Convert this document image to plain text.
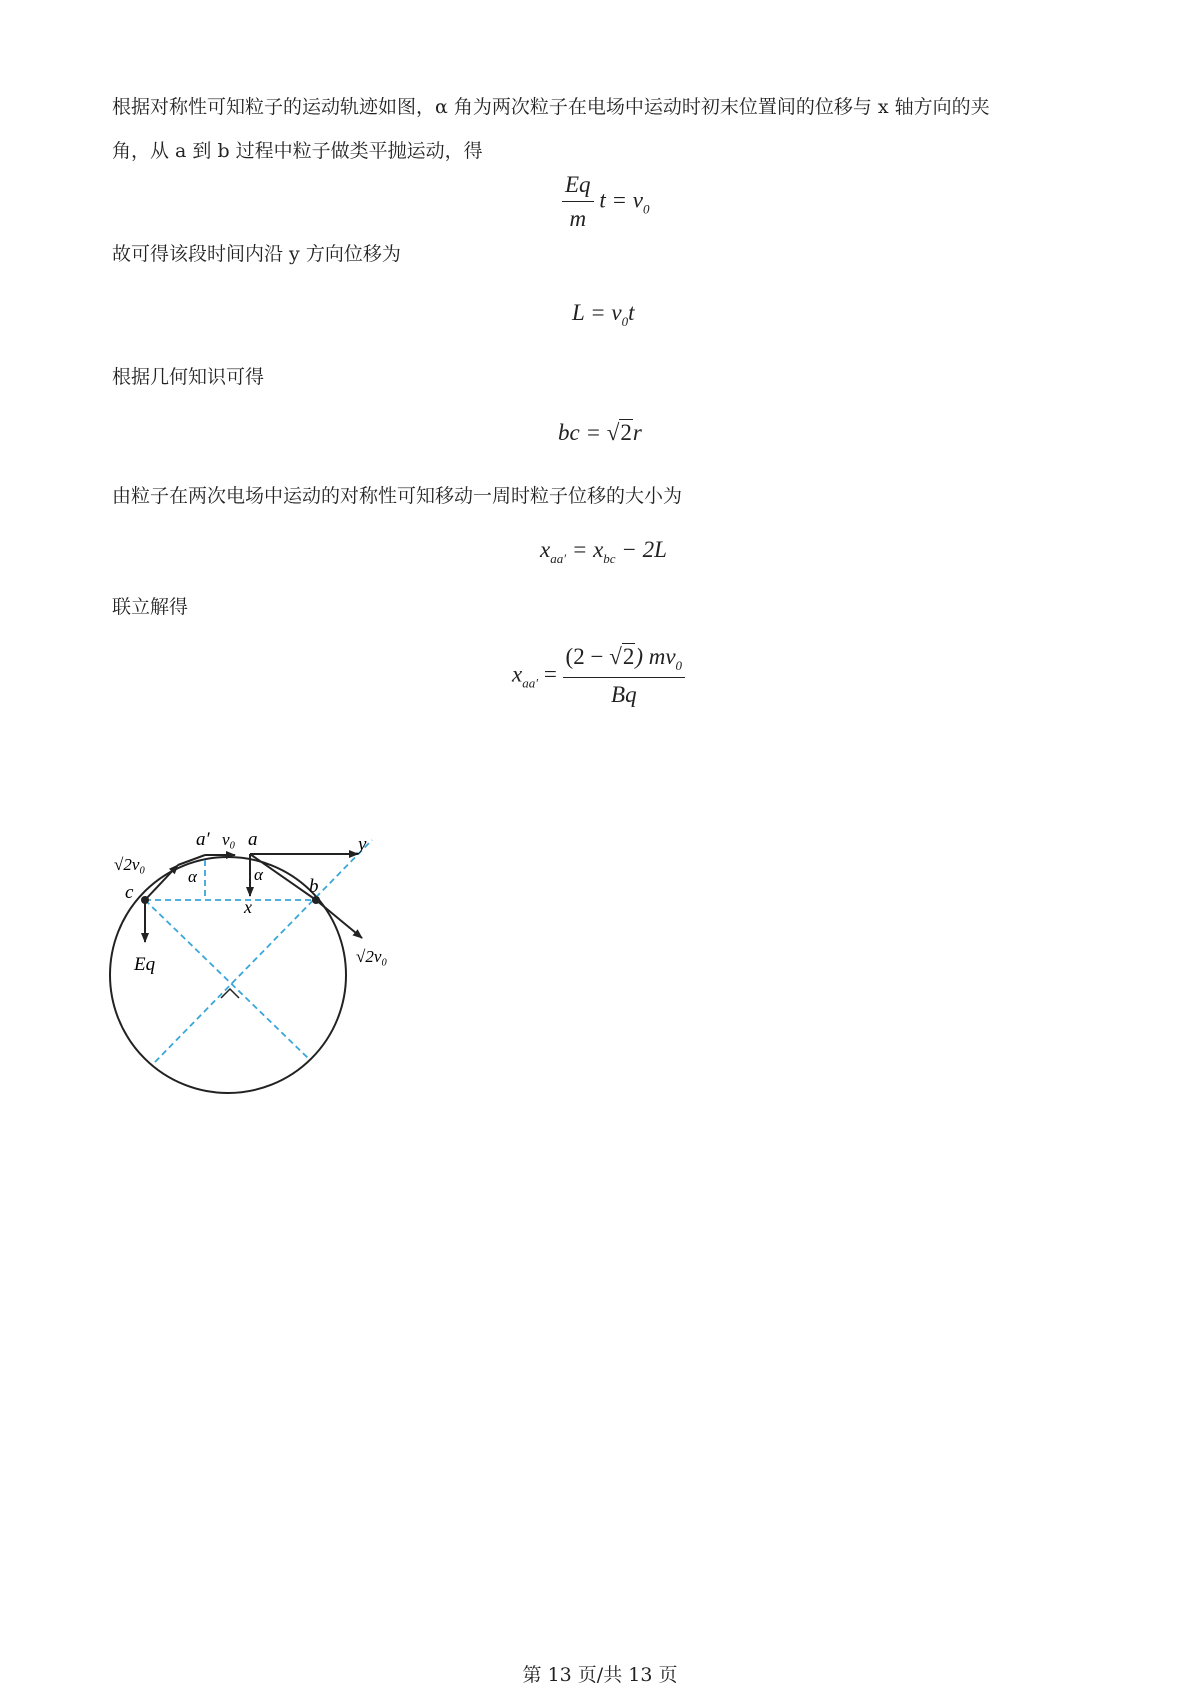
根据对称性可知粒子的运动轨迹如图，α 角为两次粒子在电场中运动时初末位置间的位移与 x 轴方向的夹
角，从 a 到 b 过程中粒子做类平抛运动，得
$\frac{Eq}{m}$ $t = v_0$
故可得该段时间内沿 y 方向位移为
$L = v_0t$
根据几何知识可得
bc = √2r
由粒子在两次电场中运动的对称性可知移动一周时粒子位移的大小为
$x_{aa'} = x_{bc} - 2L$
联立解得
$x_{aa'} = \frac{(2 - √2) mv_0}{Bq}$
a′ v₀ a	y
α	α
x
b
c
Eq
√2v₀
√2v₀
第 13 页/共 13 页
